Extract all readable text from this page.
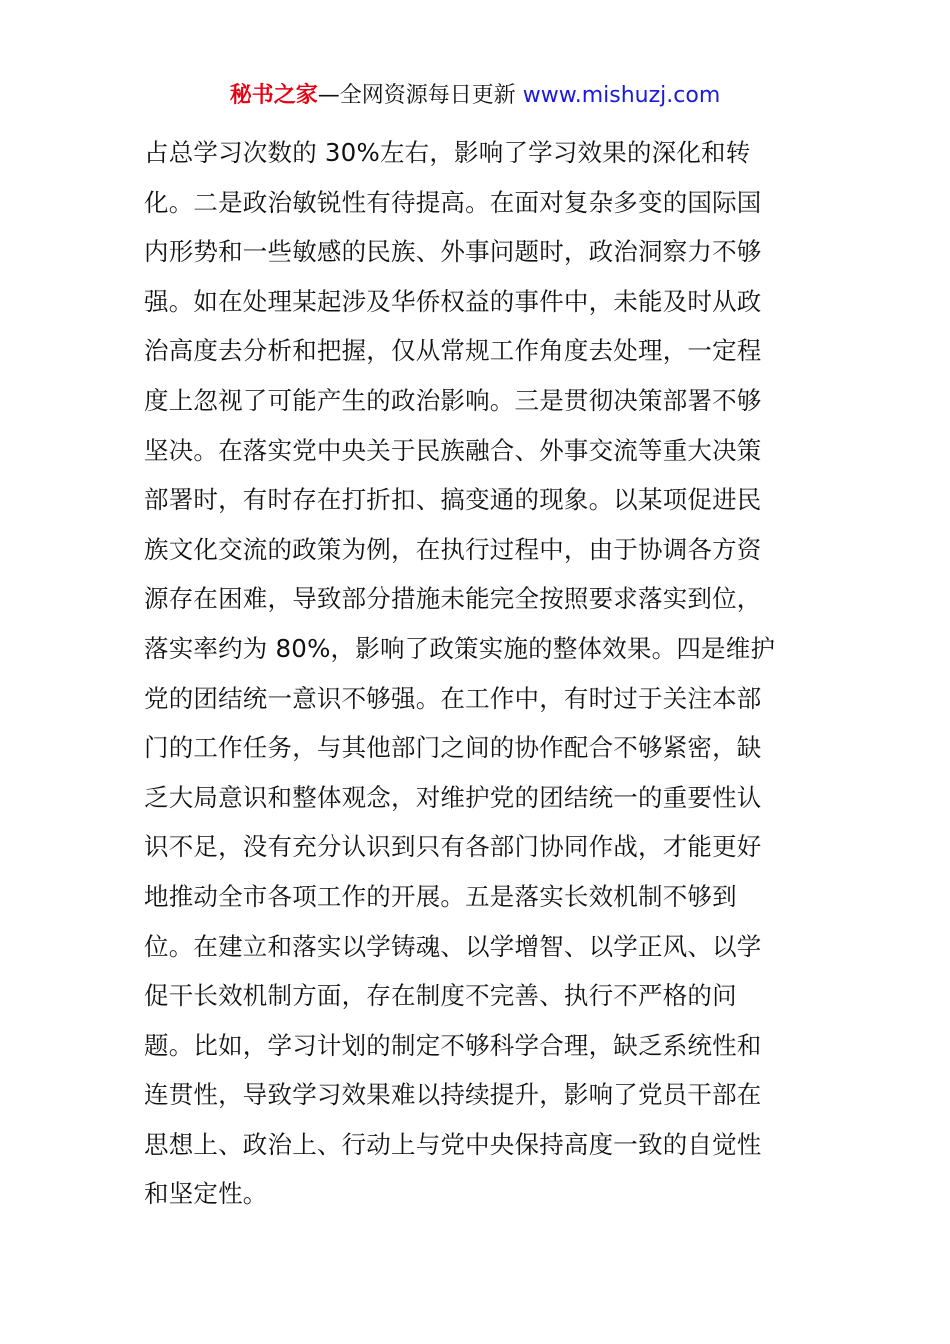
秘书之家—全网资源每日更新 www.mishuzj.com
占总学习次数的 30%左右，影响了学习效果的深化和转
化。二是政治敏锐性有待提高。在面对复杂多变的国际国
内形势和一些敏感的民族、外事问题时，政治洞察力不够
强。如在处理某起涉及华侨权益的事件中，未能及时从政
治高度去分析和把握，仅从常规工作角度去处理，一定程
度上忽视了可能产生的政治影响。三是贯彻决策部署不够
坚决。在落实党中央关于民族融合、外事交流等重大决策
部署时，有时存在打折扣、搞变通的现象。以某项促进民
族文化交流的政策为例，在执行过程中，由于协调各方资
源存在困难，导致部分措施未能完全按照要求落实到位，
落实率约为 80%，影响了政策实施的整体效果。四是维护
党的团结统一意识不够强。在工作中，有时过于关注本部
门的工作任务，与其他部门之间的协作配合不够紧密，缺
乏大局意识和整体观念，对维护党的团结统一的重要性认
识不足，没有充分认识到只有各部门协同作战，才能更好
地推动全市各项工作的开展。五是落实长效机制不够到
位。在建立和落实以学铸魂、以学增智、以学正风、以学
促干长效机制方面，存在制度不完善、执行不严格的问
题。比如，学习计划的制定不够科学合理，缺乏系统性和
连贯性，导致学习效果难以持续提升，影响了党员干部在
思想上、政治上、行动上与党中央保持高度一致的自觉性
和坚定性。
